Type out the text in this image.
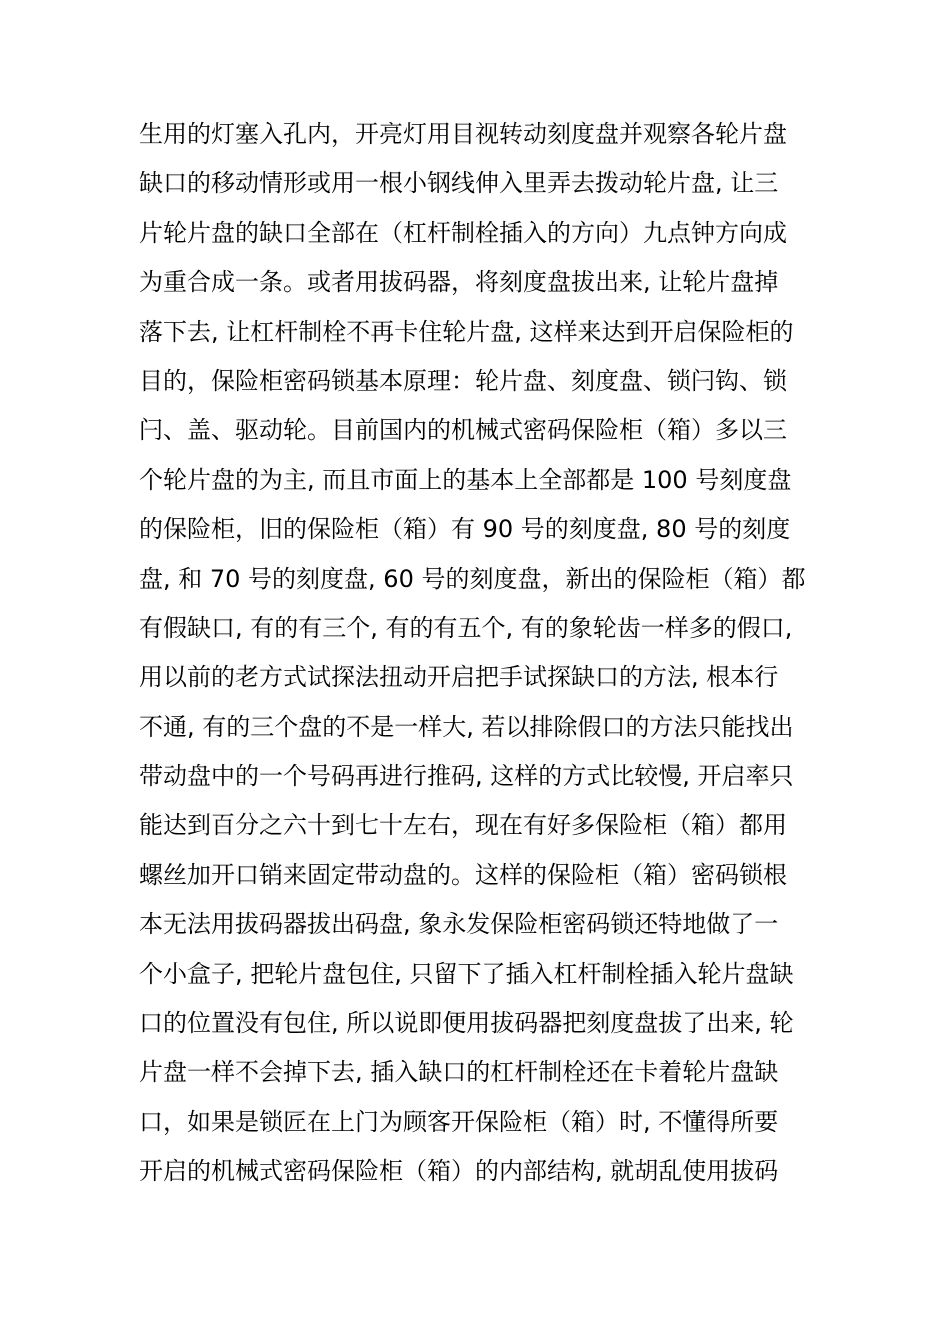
生用的灯塞入孔内，开亮灯用目视转动刻度盘并观察各轮片盘
缺口的移动情形或用一根小钢线伸入里弄去拨动轮片盘, 让三
片轮片盘的缺口全部在（杠杆制栓插入的方向）九点钟方向成
为重合成一条。或者用拔码器，将刻度盘拔出来, 让轮片盘掉
落下去, 让杠杆制栓不再卡住轮片盘, 这样来达到开启保险柜的
目的，保险柜密码锁基本原理：轮片盘、刻度盘、锁闩钩、锁
闩、盖、驱动轮。目前国内的机械式密码保险柜（箱）多以三
个轮片盘的为主, 而且市面上的基本上全部都是 100 号刻度盘
的保险柜，旧的保险柜（箱）有 90 号的刻度盘, 80 号的刻度
盘, 和 70 号的刻度盘, 60 号的刻度盘，新出的保险柜（箱）都
有假缺口, 有的有三个, 有的有五个, 有的象轮齿一样多的假口,
用以前的老方式试探法扭动开启把手试探缺口的方法, 根本行
不通, 有的三个盘的不是一样大, 若以排除假口的方法只能找出
带动盘中的一个号码再进行推码, 这样的方式比较慢, 开启率只
能达到百分之六十到七十左右，现在有好多保险柜（箱）都用
螺丝加开口销来固定带动盘的。这样的保险柜（箱）密码锁根
本无法用拔码器拔出码盘, 象永发保险柜密码锁还特地做了一
个小盒子, 把轮片盘包住, 只留下了插入杠杆制栓插入轮片盘缺
口的位置没有包住, 所以说即便用拔码器把刻度盘拔了出来, 轮
片盘一样不会掉下去, 插入缺口的杠杆制栓还在卡着轮片盘缺
口，如果是锁匠在上门为顾客开保险柜（箱）时, 不懂得所要
开启的机械式密码保险柜（箱）的内部结构, 就胡乱使用拔码
